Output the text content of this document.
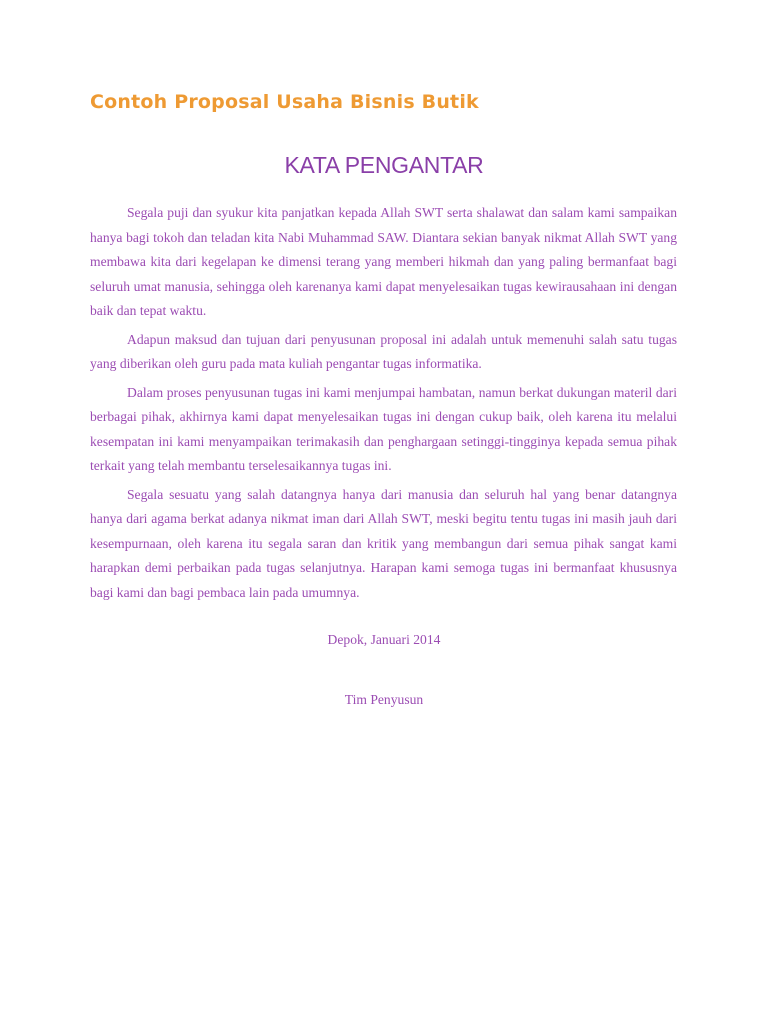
Contoh Proposal Usaha Bisnis Butik
KATA PENGANTAR

Segala puji dan syukur kita panjatkan kepada Allah SWT serta shalawat dan salam kami sampaikan hanya bagi tokoh dan teladan kita Nabi Muhammad SAW. Diantara sekian banyak nikmat Allah SWT yang membawa kita dari kegelapan ke dimensi terang yang memberi hikmah dan yang paling bermanfaat bagi seluruh umat manusia, sehingga oleh karenanya kami dapat menyelesaikan tugas kewirausahaan ini dengan baik dan tepat waktu.

Adapun maksud dan tujuan dari penyusunan proposal ini adalah untuk memenuhi salah satu tugas yang diberikan oleh guru pada mata kuliah pengantar tugas informatika.

Dalam proses penyusunan tugas ini kami menjumpai hambatan, namun berkat dukungan materil dari berbagai pihak, akhirnya kami dapat menyelesaikan tugas ini dengan cukup baik, oleh karena itu melalui kesempatan ini kami menyampaikan terimakasih dan penghargaan setinggi-tingginya kepada semua pihak terkait yang telah membantu terselesaikannya tugas ini.

Segala sesuatu yang salah datangnya hanya dari manusia dan seluruh hal yang benar datangnya hanya dari agama berkat adanya nikmat iman dari Allah SWT, meski begitu tentu tugas ini masih jauh dari kesempurnaan, oleh karena itu segala saran dan kritik yang membangun dari semua pihak sangat kami harapkan demi perbaikan pada tugas selanjutnya. Harapan kami semoga tugas ini bermanfaat khususnya bagi kami dan bagi pembaca lain pada umumnya.

Depok, Januari 2014
Tim Penyusun
